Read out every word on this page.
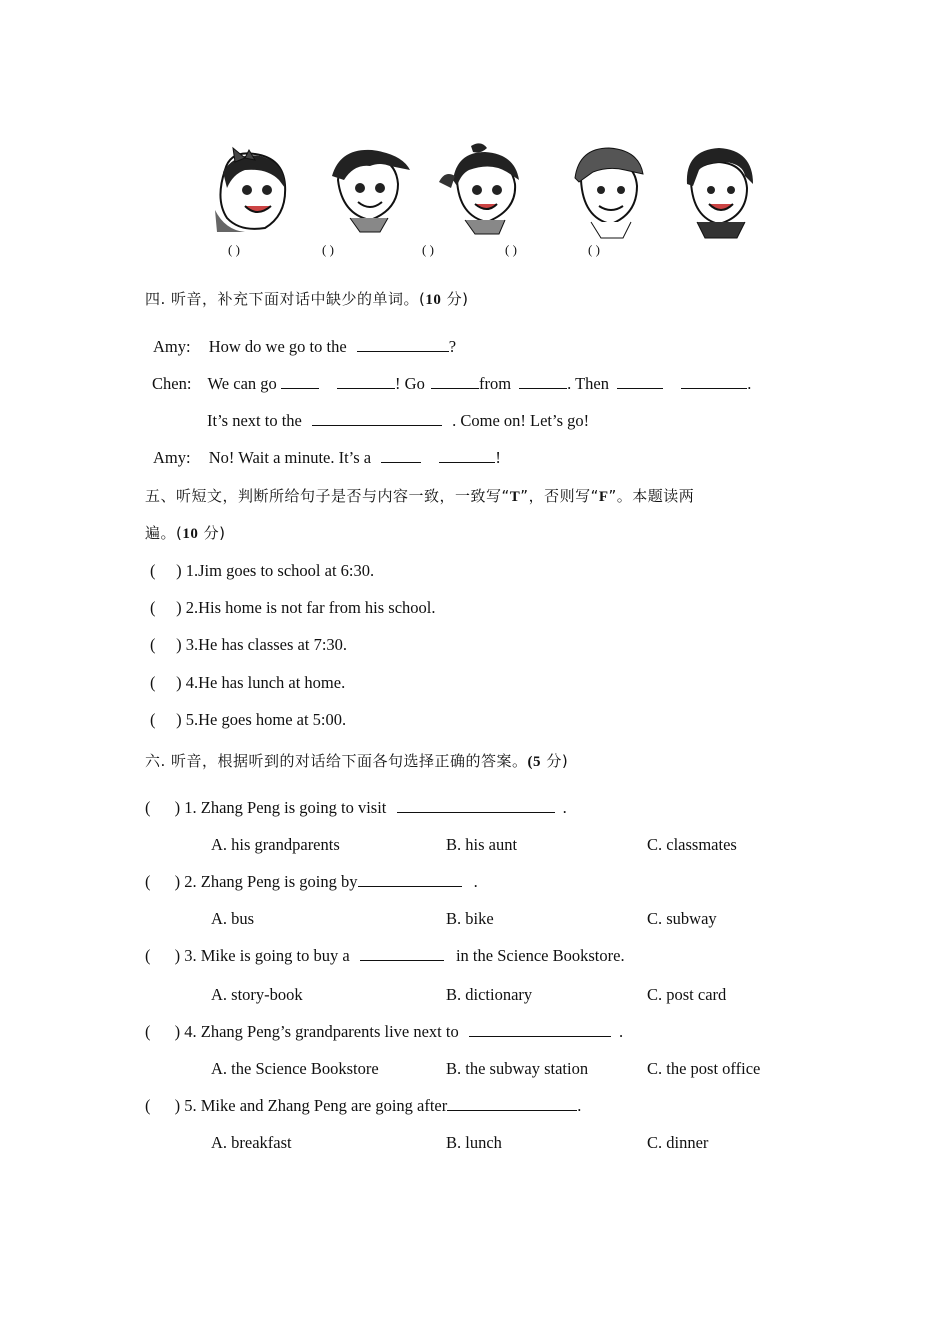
( )	( )	( )	( )	( )
四. 听音，补充下面对话中缺少的单词。(10 分)
Amy: How do we go to the	?
Chen: We can go	! Go	from	. Then	.
It’s next to the	. Come on! Let’s go!
Amy: No! Wait a minute. It’s a	!
五、听短文，判断所给句子是否与内容一致，一致写“T”，否则写“F”。本题读两
遍。(10 分)
(     ) 1.Jim goes to school at 6:30.
(     ) 2.His home is not far from his school.
(     ) 3.He has classes at 7:30.
(     ) 4.He has lunch at home.
(     ) 5.He goes home at 5:00.
六. 听音，根据听到的对话给下面各句选择正确的答案。(5 分)
( ) 1. Zhang Peng is going to visit	.
A. his grandparents	B. his aunt	C. classmates
( ) 2. Zhang Peng is going by	.
A. bus	B. bike	C. subway
( ) 3. Mike is going to buy a	in the Science Bookstore.
A. story-book	B. dictionary	C. post card
( ) 4. Zhang Peng’s grandparents live next to	.
A. the Science Bookstore	B. the subway station	C. the post office
( ) 5. Mike and Zhang Peng are going after	.
A. breakfast	B. lunch	C. dinner
